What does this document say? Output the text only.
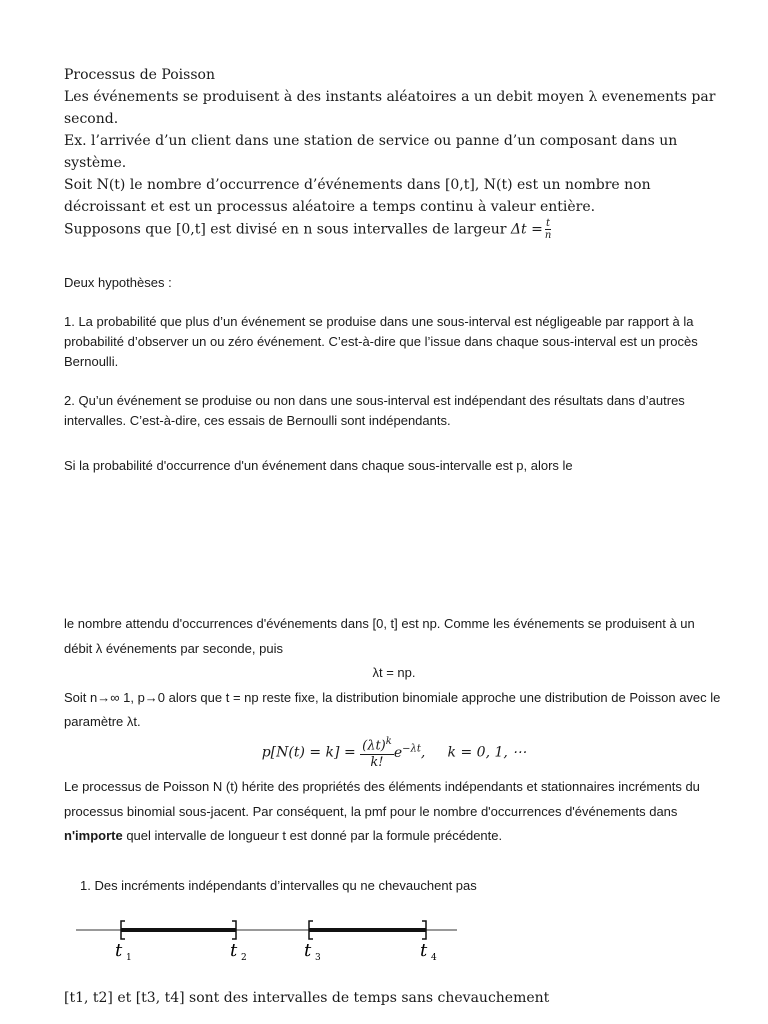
Processus de Poisson
Les événements se produisent à des instants aléatoires a un debit moyen λ evenements par second.
Ex. l’arrivée d’un client dans une station de service ou panne d’un composant dans un système.
Soit N(t) le nombre d’occurrence d’événements dans [0,t], N(t) est un nombre non décroissant et est un processus aléatoire a temps continu à valeur entière.
Supposons que [0,t] est divisé en n sous intervalles de largeur $\Delta t = \frac{t}{n}$
Deux hypothèses :
1. La probabilité que plus d’un événement se produise dans une sous-interval est négligeable par rapport à la probabilité d’observer un ou zéro événement. C’est-à-dire que l’issue dans chaque sous-interval est un procès Bernoulli.
2. Qu’un événement se produise ou non dans une sous-interval est indépendant des résultats dans d’autres intervalles. C’est-à-dire, ces essais de Bernoulli sont indépendants.
Si la probabilité d'occurrence d'un événement dans chaque sous-intervalle est p, alors le
le nombre attendu d'occurrences d'événements dans [0, t] est np. Comme les événements se produisent à un débit λ événements par seconde, puis
λt = np.
Soit n→∞ 1, p→0 alors que t = np reste fixe, la distribution binomiale approche une distribution de Poisson avec le paramètre λt.
$p[N(t) = k] = \frac{(\lambda t)^k}{k!} e^{-\lambda t}$,     k = 0, 1, ⋯
Le processus de Poisson N (t) hérite des propriétés des éléments indépendants et stationnaires incréments du processus binomial sous-jacent. Par conséquent, la pmf pour le nombre d'occurrences d'événements dans n'importe quel intervalle de longueur t est donné par la formule précédente.
1. Des incréments indépendants d’intervalles qu ne chevauchent pas
t 1	t 2	t 3	t 4
[t1, t2] et [t3, t4] sont des intervalles de temps sans chevauchement
